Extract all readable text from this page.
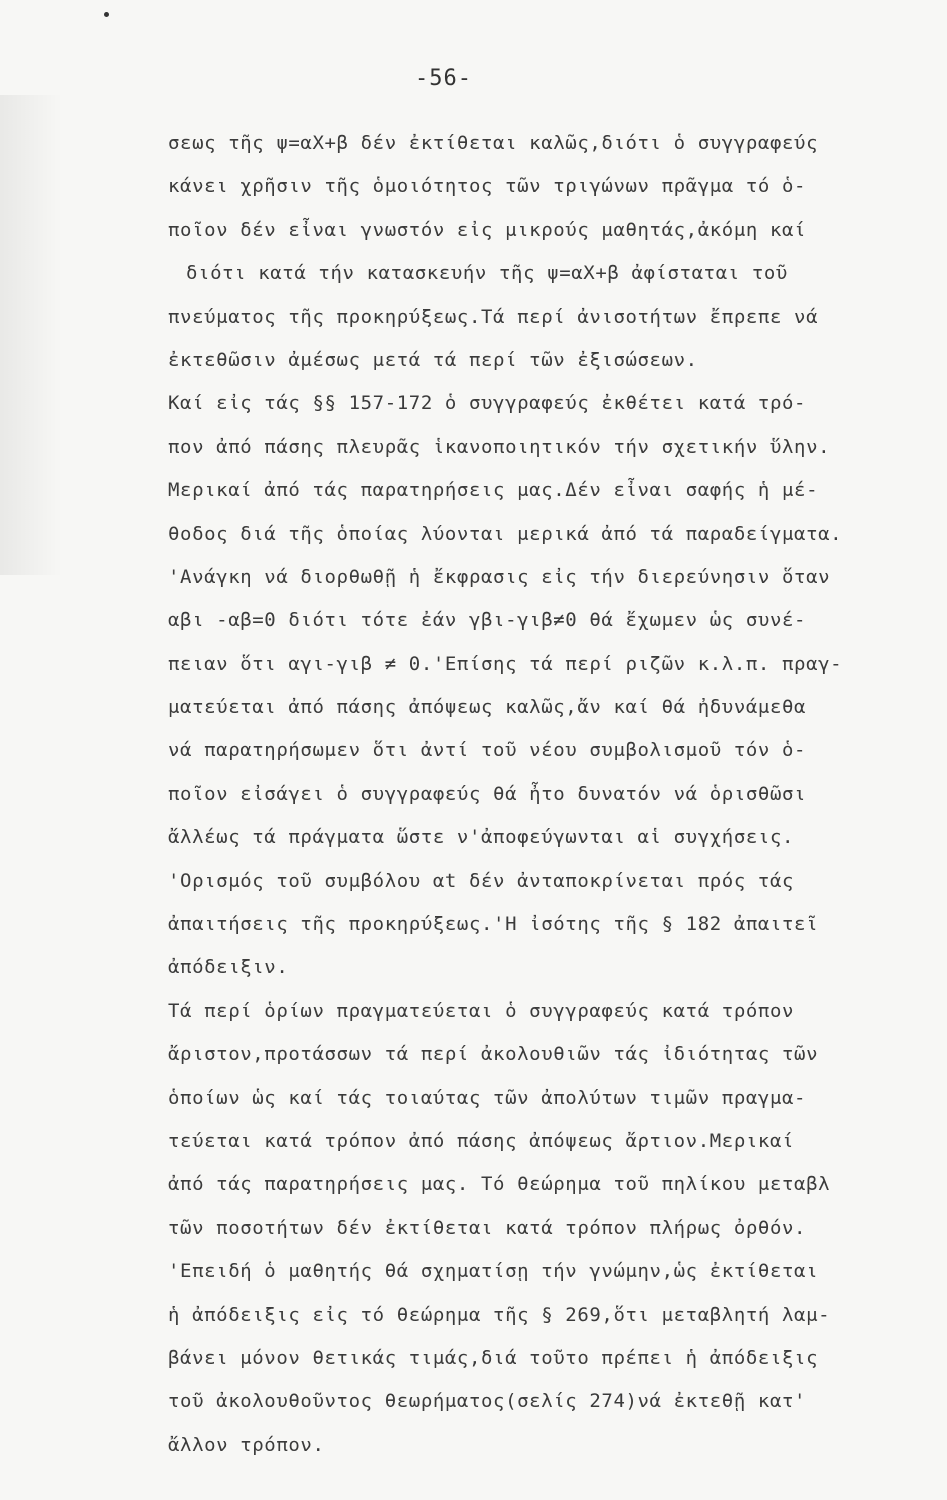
-56-
σεως τῆς ψ=αΧ+β δέν ἐκτίθεται καλῶς,διότι ὁ συγγραφεύς
κάνει χρῆσιν τῆς ὁμοιότητος τῶν τριγώνων πρᾶγμα τό ὁ-
ποῖον δέν εἶναι γνωστόν εἰς μικρούς μαθητάς,ἀκόμη καί
διότι κατά τήν κατασκευήν τῆς ψ=αΧ+β ἀφίσταται τοῦ
πνεύματος τῆς προκηρύξεως.Τά περί ἀνισοτήτων ἔπρεπε νά
ἐκτεθῶσιν ἀμέσως μετά τά περί τῶν ἐξισώσεων.
Καί εἰς τάς §§ 157-172 ὁ συγγραφεύς ἐκθέτει κατά τρό-
πον ἀπό πάσης πλευρᾶς ἱκανοποιητικόν τήν σχετικήν ὕλην.
Μερικαί ἀπό τάς παρατηρήσεις μας.Δέν εἶναι σαφής ἡ μέ-
θοδος διά τῆς ὁποίας λύονται μερικά ἀπό τά παραδείγματα.
'Ανάγκη νά διορθωθῇ ἡ ἔκφρασις εἰς τήν διερεύνησιν ὅταν
αβι -αβ=0 διότι τότε ἐάν γβι-γιβ≠0 θά ἔχωμεν ὡς συνέ-
πειαν ὅτι αγι-γιβ ≠ 0.'Επίσης τά περί ριζῶν κ.λ.π. πραγ-
ματεύεται ἀπό πάσης ἀπόψεως καλῶς,ἄν καί θά ἠδυνάμεθα
νά παρατηρήσωμεν ὅτι ἀντί τοῦ νέου συμβολισμοῦ τόν ὁ-
ποῖον εἰσάγει ὁ συγγραφεύς θά ἦτο δυνατόν νά ὁρισθῶσι
ἄλλέως τά πράγματα ὥστε ν'ἀποφεύγωνται αἱ συγχήσεις.
'Ορισμός τοῦ συμβόλου αt δέν ἀνταποκρίνεται πρός τάς
ἀπαιτήσεις τῆς προκηρύξεως.'Η ἰσότης τῆς § 182 ἀπαιτεῖ
ἀπόδειξιν.
Τά περί ὁρίων πραγματεύεται ὁ συγγραφεύς κατά τρόπον
ἄριστον,προτάσσων τά περί ἀκολουθιῶν τάς ἰδιότητας τῶν
ὁποίων ὡς καί τάς τοιαύτας τῶν ἀπολύτων τιμῶν πραγμα-
τεύεται κατά τρόπον ἀπό πάσης ἀπόψεως ἄρτιον.Μερικαί
ἀπό τάς παρατηρήσεις μας. Τό θεώρημα τοῦ πηλίκου μεταβλ
τῶν ποσοτήτων δέν ἐκτίθεται κατά τρόπον πλήρως ὀρθόν.
'Επειδή ὁ μαθητής θά σχηματίσῃ τήν γνώμην,ὡς ἐκτίθεται
ἡ ἀπόδειξις εἰς τό θεώρημα τῆς § 269,ὅτι μεταβλητή λαμ-
βάνει μόνον θετικάς τιμάς,διά τοῦτο πρέπει ἡ ἀπόδειξις
τοῦ ἀκολουθοῦντος θεωρήματος(σελίς 274)νά ἐκτεθῇ κατ'
ἄλλον τρόπον.
